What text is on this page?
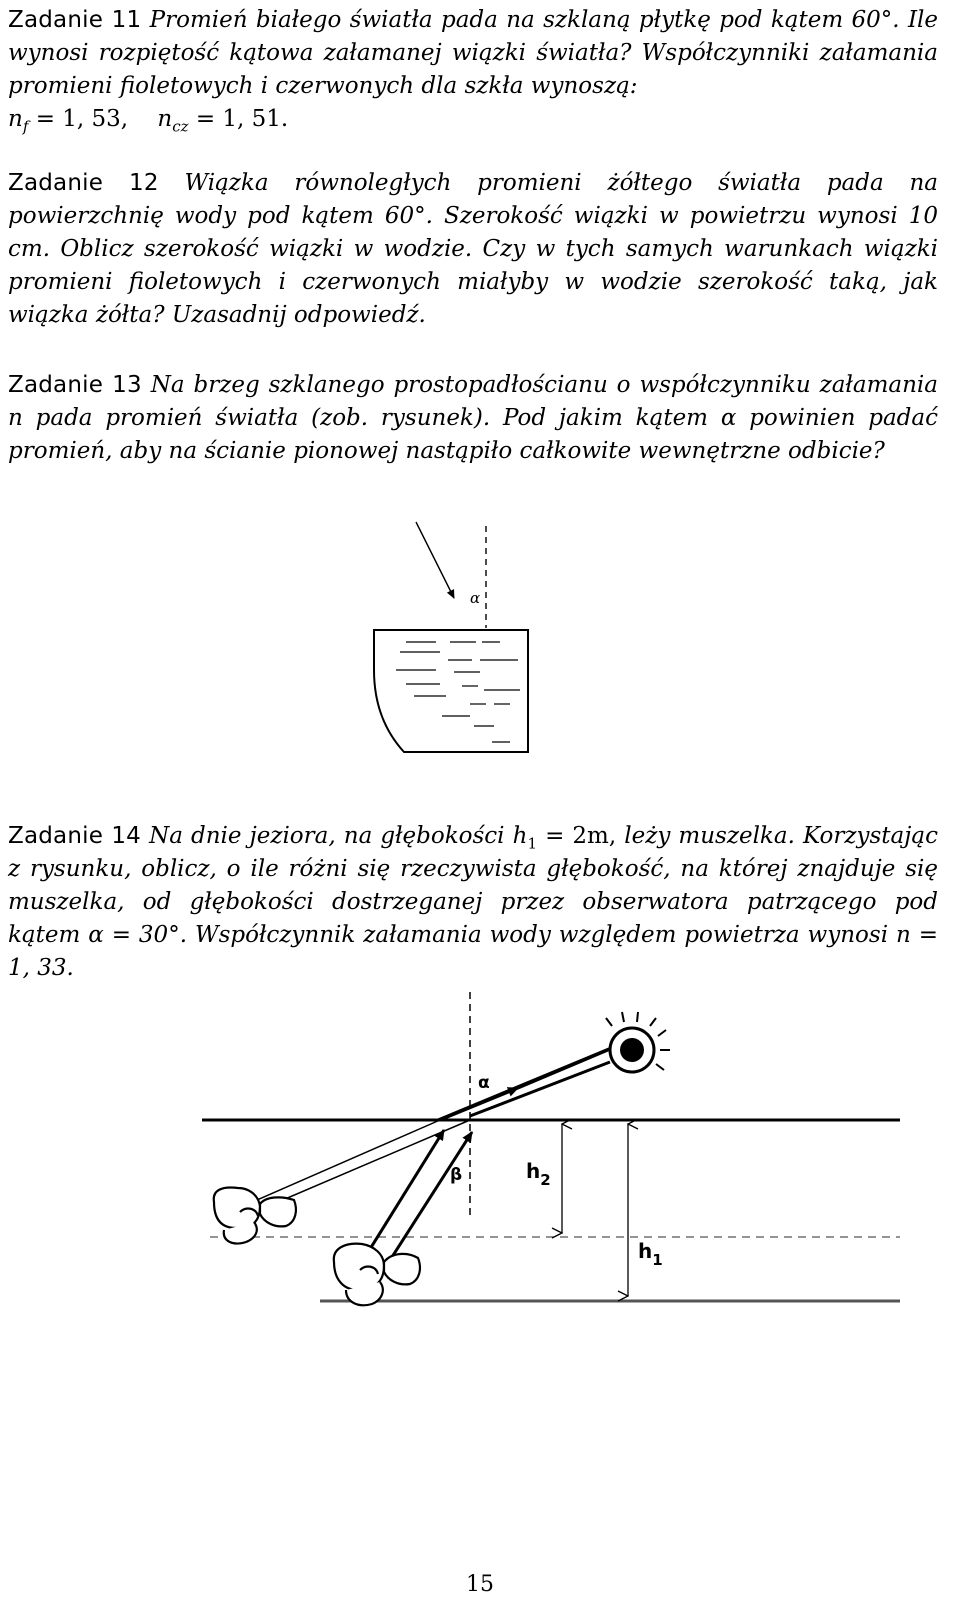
Zadanie 11 Promień białego światła pada na szklaną płytkę pod kątem 60°. Ile wynosi rozpiętość kątowa załamanej wiązki światła? Współczynniki załamania promieni fioletowych i czerwonych dla szkła wynoszą:
$n_f = 1$, 53, $n_{cz} = 1$, 51.

Zadanie 12 Wiązka równoległych promieni żółtego światła pada na powierzchnię wody pod kątem 60°. Szerokość wiązki w powietrzu wynosi 10 cm. Oblicz szerokość wiązki w wodzie. Czy w tych samych warunkach wiązki promieni fioletowych i czerwonych miałyby w wodzie szerokość taką, jak wiązka żółta? Uzasadnij odpowiedź.

Zadanie 13 Na brzeg szklanego prostopadłościanu o współczynniku załamania n pada promień światła (zob. rysunek). Pod jakim kątem α powinien padać promień, aby na ścianie pionowej nastąpiło całkowite wewnętrzne odbicie?

α

Zadanie 14 Na dnie jeziora, na głębokości $h_1 = 2m$, leży muszelka. Korzystając z rysunku, oblicz, o ile różni się rzeczywista głębokość, na której znajduje się muszelka, od głębokości dostrzeganej przez obserwatora patrzącego pod kątem α = 30°. Współczynnik załamania wody względem powietrza wynosi n = 1, 33.

α
β	$h_2$
$h_1$
15
